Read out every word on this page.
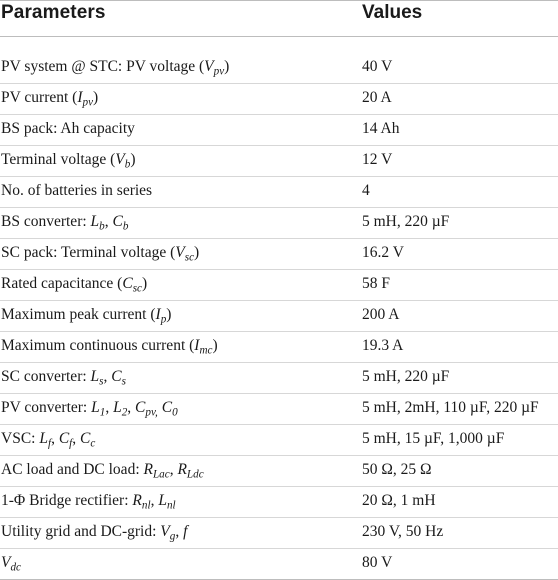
Parameters	Values
PV system @ STC: PV voltage $(V_{pv})$	40 V
PV current $(I_{pv})$	20 A
BS pack: Ah capacity	14 Ah
Terminal voltage $(V_b)$	12 V
No. of batteries in series	4
BS converter: $L_b$, $C_b$	5 mH, 220 µF
SC pack: Terminal voltage $(V_{sc})$	16.2 V
Rated capacitance $(C_{sc})$	58 F
Maximum peak current $(I_p)$	200 A
Maximum continuous current $(I_{mc})$	19.3 A
SC converter: $L_s$, $C_s$	5 mH, 220 µF
PV converter: $L_1$, $L_2$, $C_{pv,}$ $C_0$	5 mH, 2mH, 110 µF, 220 µF
VSC: $L_f$, $C_f$, $C_c$	5 mH, 15 µF, 1,000 µF
AC load and DC load: $R_{Lac}$, $R_{Ldc}$	50 Ω, 25 Ω
1-Φ Bridge rectifier: $R_{nl}$, $L_{nl}$	20 Ω, 1 mH
Utility grid and DC-grid: $V_g$, f	230 V, 50 Hz
$V_{dc}$	80 V
